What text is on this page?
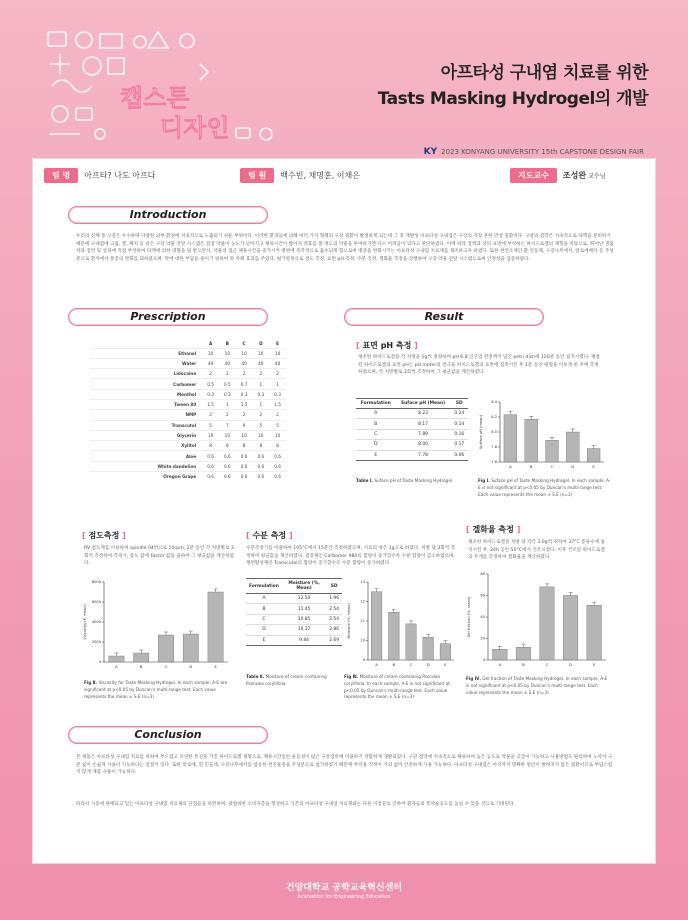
캡스톤
디자인
아프타성 구내염 치료를 위한
Tasts Masking Hydrogel의 개발
KY 2023 KONYANG UNIVERSITY 15th CAPSTONE DESIGN FAIR
팀 명	아프타? 나도 아프다	팀 원	백수빈, 채명훈, 이채은	지도교수	조성완 교수님
Introduction
우리의 신체 중 구강은 우수하며 다양한 외부 환경에 지속적으로 노출되기 쉬운 부위이다. 이러한 환경들에 의해 여러 가지 형태의 구강 질환이 발생하게 되는데 그 중 재발성 아프타성 구내염은 구강의 가장 흔한 만성 질환이다. 구강의 점막은 지속적으로 타액을 분비하기 때문에 구내염에 크림, 겔, 패치 등 같은 구강 약물 전달 시스템은 점점 약물이 농도가 낮아지고 체류시간이 짧아져 약효를 볼 정도의 약물을 투여하기엔 다소 어려움이 있다고 판단하였다. 이에 따라 점액과 상피 표면에 부착하는 하이드로겔의 제형을 바탕으로, 뛰어난 생흡착과 점막 및 상피에 직접 부착하여 타액에 의한 영향을 덜 받으면서, 약물의 접근 체류시간을 증가시켜 병변에 즉각적으로 흡수되게 함으로써 병증을 완화시키는 아프타성 구내염 치료제를 제조하고자 하였다. 또한 천연소재인 환 연동제, 구강나무에서, 알로에베라 등 주성분으로 환자에서 통증의 완화를 꾀하였으며, 맛에 대한 부담을 줄이기 위하여 맛 차폐 효과를 주었다. 평가항목으로 점도 측정, 표면 pH 측정, 수분 측정, 겔화율 측정을 진행하여 구강 약물 전달 시스템으로써 안정성을 검증하였다.
Prescription	Result
	A	B	C	D	E
Ethanol	10	10	10	10	10
Water	40	40	40	40	40
Lidocaine	2	2	2	2	2
Carbomer	0.5	0.5	0.7	1	1
Menthol	0.3	0.3	0.3	0.3	0.3
Tween 80	1.5	1	1.5	1	1.5
NMP	2	2	2	2	2
Transcutol	5	7	9	5	5
Glycerin	10	10	10	10	10
Xylitol	8	8	8	8	8
Aloe	0.6	0.6	0.6	0.6	0.6
White dandelion	0.6	0.6	0.6	0.6	0.6
Oregon Grape	0.6	0.6	0.6	0.6	0.6
[ 표면 pH 측정 ]
제조한 하이드로겔을 각 처방을 1g씩 정량하여 pH 6.8 인산염 완충액이 담긴 petri dish에 120분 동안 침지시켰다. 팽창된 하이드로겔의 표면 pH는 pH meter의 전극을 하이드로겔의 표면에 접촉시킨 후 1분 동안 평형을 이루게 한 후에 측정하였으며, 각 처방별로 3회씩 측정하여 그 평균값을 계산하였다.
Formulation	Suface pH (Mean)	SD
A	8.23	0.24
B	8.17	0.14
C	7.89	0.16
D	8.00	0.17
E	7.78	0.06
Table Ⅰ. Suface pH of Taste Masking Hydrogel.
Surface pH (mean)
8.4
8.2
8.0
7.8
7.6
A	B	C	D	E
Fig Ⅰ. Suface pH of Taste Masking Hydrogel. In each sample, A-E is not significant at p<0.05 by Duncan's multi-range test. Each value represents the mean ± S.E (n=3)
[ 점도측정 ]
RV 점도계를 이용하여 spindle 04번으로 10rpm, 2분 동안 각 처방별로 3회씩 측정하여 측정시, 중도 값에 Factor 값을 곱하여 그 평균값을 계산하였다.
Viscosity(cP, mean)
8000
6000
4000
2000
0
A	B	C	D	E
Fig Ⅱ. Viscosity for Taste Masking Hydrogel. In each sample, A-E are significant at p<0.05 by Duncan's multi-range test. Each value represents the mean ± S.E (n=3)
[ 수분 측정 ]
수분측정기를 이용하여 105°C에서 15분간 측정하였으며, 시료의 양은 1g으로 하였다. 처방 당 3회씩 측정하여 평균값을 계산하였다. 점증제인 Carbomer 980의 함량이 증가할수록 수분 함량이 감소하였으며, 계면활성제인 Transcutol의 함량이 증가할수록 수분 함량이 증가하였다.
Formulation	Moisture (%, Mean)	SD
A	12.50	1.96
B	11.45	2.54
C	10.85	2.54
D	10.17	2.86
E	9.84	2.69
Table Ⅱ. Moisture of cream containing Psoralea corylifolia
Moisture (%, mean)
13
12
11
10
9
A	B	C	D	E
Fig Ⅲ. Moisture of cream containing Psoralea corylifolia. In each sample, A-E is not significant at p<0.05 by Duncan's multi-range test. Each value represents the mean ± S.E (n=3)
[ 겔화율 측정 ]
제조한 하이드로겔을 처방 당 각각 3.0g씩 취하여 37°C 증류수에 침지시킨 후, 24h 동안 50°C에서 건조시켰다. 이후 건조된 하이드로겔의 무게를 측정하여 겔화율을 계산하였다.
Gel fraction (%, mean)
80
60
40
20
0
A	B	C	D	E
Fig Ⅳ. Gel fraction of Taste Masking Hydrogel. In each sample, A-E is not significant at p<0.05 by Duncan's multi-range test. Each value represents the mean ± S.E (n=3)
Conclusion
본 제품은 아프타성 구내염 치료를 위하여 부드럽고 유연한 특징을 가진 하이드로겔 제형으로, 체류시간동안 운동성이 많은 구강점막에 이용하기 적합하게 개발되었다. 구강 점막에 지속적으로 체류하여 높은 농도로 약물을 공급이 가능하고 사용방법도 편리하여 노약자 구분 없이 손쉽게 사용이 가능하다는 장점이 있다. 또한 알로에, 흰 민들레, 구강나무에서를 첨유한 천연물질을 주성분으로 첨가하였기 때문에 부작용 걱정이 거의 없어 안전하게 사용 가능하다. 아프타성 구내염은 아직까지 명확한 원인이 밝혀지지 않은 질환이므로 부담스럽지 않게 제품 사용이 가능하다.
따라서 시중에 판매되고 있는 아프타성 구내염 치료제의 단점들을 보완하며, 광범위한 소비자층을 형성하고 기존의 아프타성 구내염 치료제와는 다른 이점들로 인하여 환자들의 복약순응도를 높일 수 있을 것으로 기대된다.
건양대학교 공학교육혁신센터
Innovation for Engineering Education
